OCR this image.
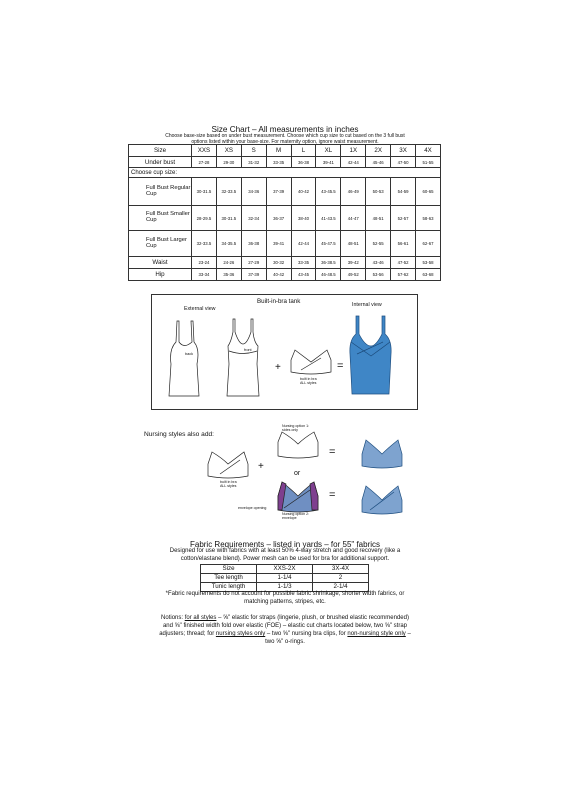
Size Chart – All measurements in inches
Choose base-size based on under bust measurement. Choose which cup size to cut based on the 3 full bust
options listed within your base-size. For maternity option, ignore waist measurement.
Size	XXS	XS	S	M	L	XL	1X	2X	3X	4X
Under bust	27-28	29-30	31-32	33-35	36-38	39-41	42-44	45-46	47-50	51-55
Choose cup size:										
Full Bust Regular Cup	30-31.5	32-33.5	34-36	37-39	40-42	43-45.5	46-49	50-53	54-59	60-65
Full Bust Smaller Cup	28-29.5	30-31.5	32-34	36-37	38-40	41-43.5	44-47	48-51	52-57	58-63
Full Bust Larger Cup	32-33.5	34-35.5	36-38	39-41	42-44	45-47.5	48-51	52-55	56-61	62-67
Waist	23-24	24-26	27-29	30-32	33-35	36-38.5	39-42	43-46	47-52	53-58
Hip	33-34	35-36	37-39	40-42	43-45	46-48.5	49-52	53-56	57-62	63-68
Built-in-bra tank
External view
Internal view
back
front
+	=
built in bra
ALL styles
Nursing styles also add:
+
or
=
=
built in bra
ALL styles
Nursing option 1:
sides only
Nursing option 2:
envelope
envelope opening
Fabric Requirements – listed in yards – for 55" fabrics
Designed for use with fabrics with at least 50% 4-way stretch and good recovery (like a
cotton/elastane blend). Power mesh can be used for bra for additional support.
Size	XXS-2X	3X-4X
Tee length	1-1/4	2
Tunic length	1-1/3	2-1/4
*Fabric requirements do not account for possible fabric shrinkage, shorter width fabrics, or
matching patterns, stripes, etc.
Notions: for all styles – ⅝" elastic for straps (lingerie, plush, or brushed elastic recommended)
and ⅝" finished width fold over elastic (FOE) – elastic cut charts located below, two ⅝" strap
adjusters; thread; for nursing styles only – two ⅝" nursing bra clips, for non-nursing style only –
two ⅝" o-rings.
